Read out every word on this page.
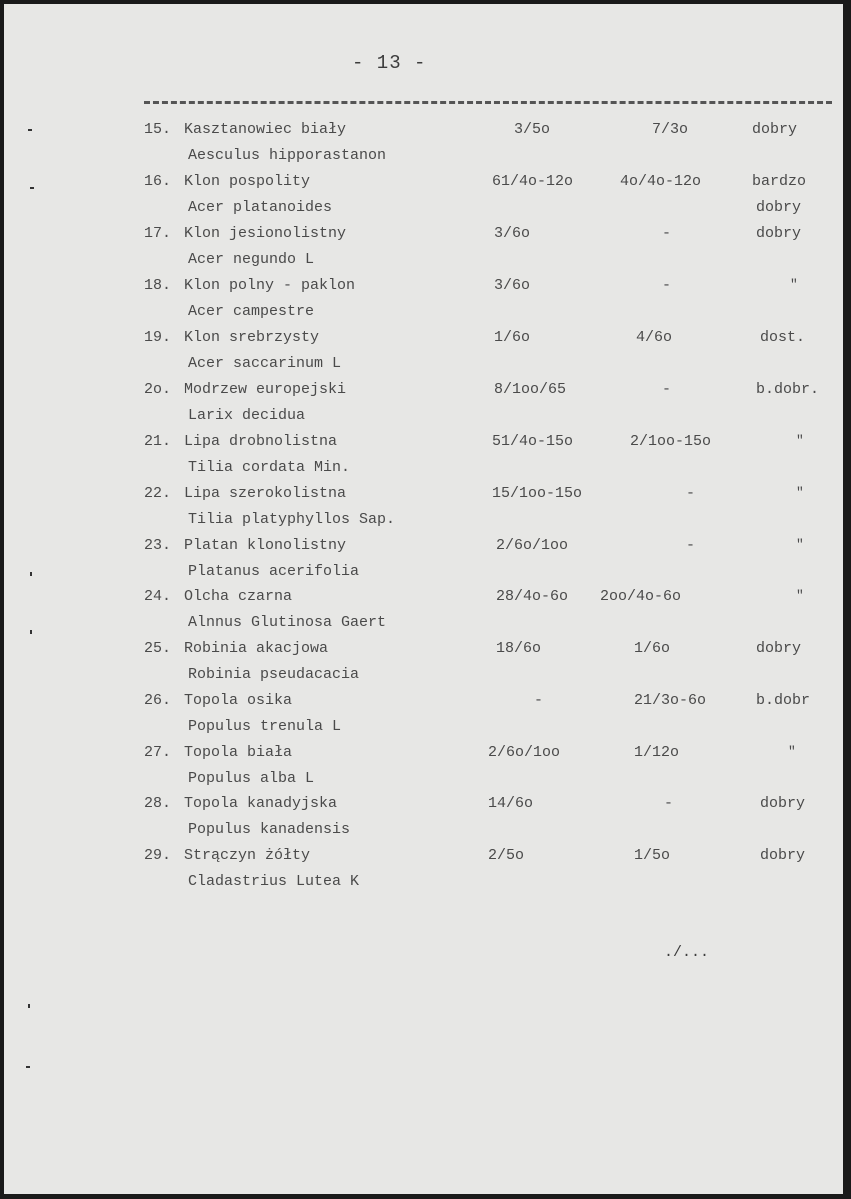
- 13 -
15. Kasztanowiec biały
Aesculus hipporastanon
3/5o	7/3o	dobry
16. Klon pospolity
Acer platanoides
61/4o-12o	4o/4o-12o	bardzo
dobry
17. Klon jesionolistny
Acer negundo L
3/6o	-	dobry
18. Klon polny - paklon
Acer campestre
3/6o	-	"
19. Klon srebrzysty
Acer saccarinum L
1/6o	4/6o	dost.
2o. Modrzew europejski
Larix decidua
8/1oo/65	-	b.dobr.
21. Lipa drobnolistna
Tilia cordata Min.
51/4o-15o	2/1oo-15o	"
22. Lipa szerokolistna
Tilia platyphyllos Sap.
15/1oo-15o	-	"
23. Platan klonolistny
Platanus acerifolia
2/6o/1oo	-	"
24. Olcha czarna
Alnnus Glutinosa Gaert
28/4o-6o 2oo/4o-6o	"
25. Robinia akacjowa
Robinia pseudacacia
18/6o	1/6o	dobry
26. Topola osika
Populus trenula L
-	21/3o-6o	b.dobr
27. Topola biała
Populus alba L
2/6o/1oo	1/12o	"
28. Topola kanadyjska
Populus kanadensis
14/6o	-	dobry
29. Strączyn żółty
Cladastrius Lutea K
2/5o	1/5o	dobry
./...
